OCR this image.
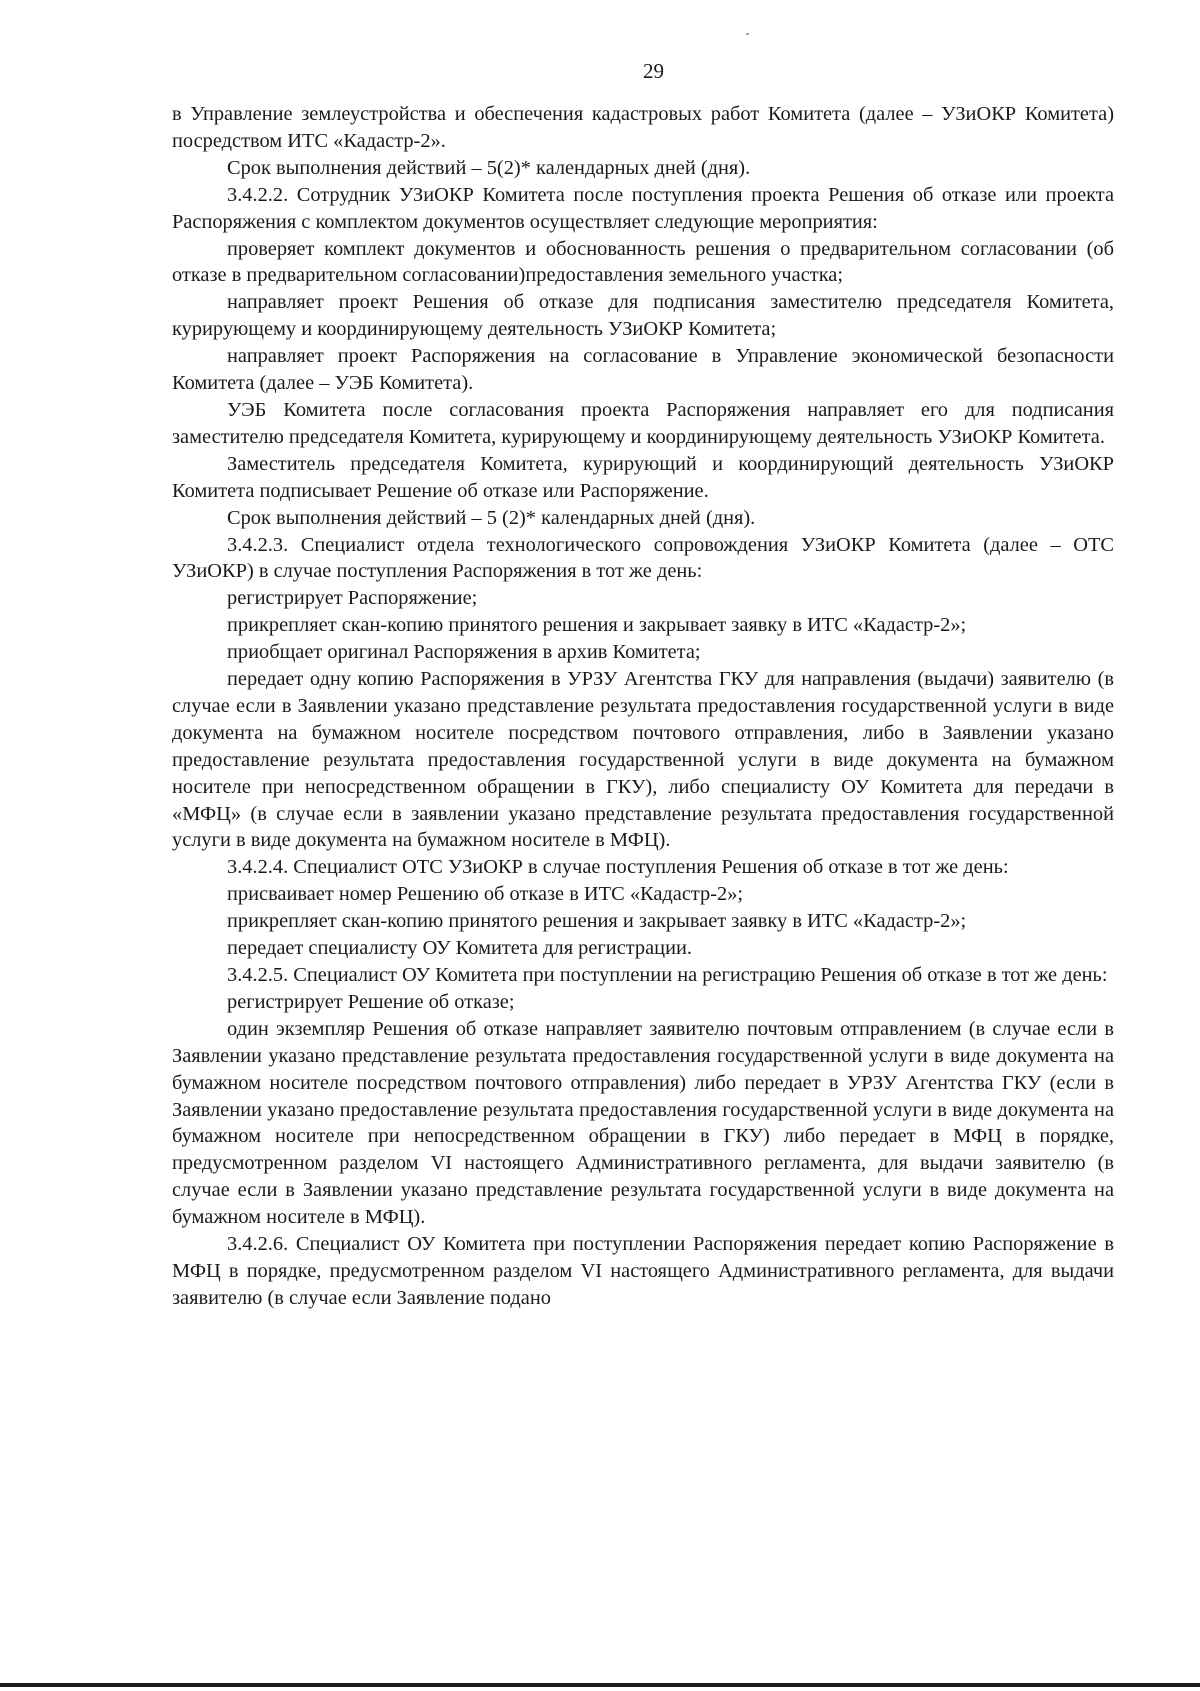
29

в Управление землеустройства и обеспечения кадастровых работ Комитета (далее – УЗиОКР Комитета) посредством ИТС «Кадастр-2».

Срок выполнения действий – 5(2)* календарных дней (дня).

3.4.2.2. Сотрудник УЗиОКР Комитета после поступления проекта Решения об отказе или проекта Распоряжения с комплектом документов осуществляет следующие мероприятия:

проверяет комплект документов и обоснованность решения о предварительном согласовании (об отказе в предварительном согласовании)предоставления земельного участка;

направляет проект Решения об отказе для подписания заместителю председателя Комитета, курирующему и координирующему деятельность УЗиОКР Комитета;

направляет проект Распоряжения на согласование в Управление экономической безопасности Комитета (далее – УЭБ Комитета).

УЭБ Комитета после согласования проекта Распоряжения направляет его для подписания заместителю председателя Комитета, курирующему и координирующему деятельность УЗиОКР Комитета.

Заместитель председателя Комитета, курирующий и координирующий деятельность УЗиОКР Комитета подписывает Решение об отказе или Распоряжение.

Срок выполнения действий – 5 (2)* календарных дней (дня).

3.4.2.3. Специалист отдела технологического сопровождения УЗиОКР Комитета (далее – ОТС УЗиОКР) в случае поступления Распоряжения в тот же день:

регистрирует Распоряжение;

прикрепляет скан-копию принятого решения и закрывает заявку в ИТС «Кадастр-2»;

приобщает оригинал Распоряжения в архив Комитета;

передает одну копию Распоряжения в УРЗУ Агентства ГКУ для направления (выдачи) заявителю (в случае если в Заявлении указано представление результата предоставления государственной услуги в виде документа на бумажном носителе посредством почтового отправления, либо в Заявлении указано предоставление результата предоставления государственной услуги в виде документа на бумажном носителе при непосредственном обращении в ГКУ), либо специалисту ОУ Комитета для передачи в «МФЦ» (в случае если в заявлении указано представление результата предоставления государственной услуги в виде документа на бумажном носителе в МФЦ).

3.4.2.4. Специалист ОТС УЗиОКР в случае поступления Решения об отказе в тот же день:

присваивает номер Решению об отказе в ИТС «Кадастр-2»;

прикрепляет скан-копию принятого решения и закрывает заявку в ИТС «Кадастр-2»;

передает специалисту ОУ Комитета для регистрации.

3.4.2.5. Специалист ОУ Комитета при поступлении на регистрацию Решения об отказе в тот же день:

регистрирует Решение об отказе;

один экземпляр Решения об отказе направляет заявителю почтовым отправлением (в случае если в Заявлении указано представление результата предоставления государственной услуги в виде документа на бумажном носителе посредством почтового отправления) либо передает в УРЗУ Агентства ГКУ (если в Заявлении указано предоставление результата предоставления государственной услуги в виде документа на бумажном носителе при непосредственном обращении в ГКУ) либо передает в МФЦ в порядке, предусмотренном разделом VI настоящего Административного регламента, для выдачи заявителю (в случае если в Заявлении указано представление результата государственной услуги в виде документа на бумажном носителе в МФЦ).

3.4.2.6. Специалист ОУ Комитета при поступлении Распоряжения передает копию Распоряжение в МФЦ в порядке, предусмотренном разделом VI настоящего Административного регламента, для выдачи заявителю (в случае если Заявление подано
